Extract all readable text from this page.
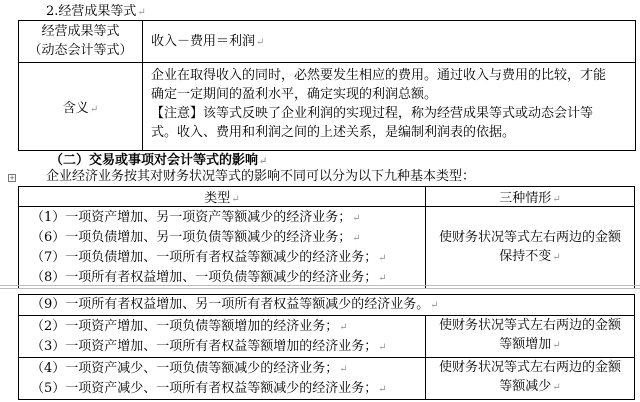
2.经营成果等式↵
经营成果等式
（动态会计等式）	收入－费用＝利润↵

含义↵	企业在取得收入的同时，必然要发生相应的费用。通过收入与费用的比较，才能
确定一定期间的盈利水平，确定实现的利润总额。
【注意】该等式反映了企业利润的实现过程，称为经营成果等式或动态会计等
式。收入、费用和利润之间的上述关系，是编制利润表的依据。
（二）交易或事项对会计等式的影响↵
+ 企业经济业务按其对财务状况等式的影响不同可以分为以下九种基本类型：
类型↵	三种情形↵

（1）一项资产增加、另一项资产等额减少的经济业务；↵
（6）一项负债增加、另一项负债等额减少的经济业务；↵
（7）一项负债增加、一项所有者权益等额减少的经济业务；↵
（8）一项所有者权益增加、一项负债等额减少的经济业务；↵	使财务状况等式左右两边的金额
保持不变↵
（9）一项所有者权益增加、另一项所有者权益等额减少的经济业务。↵	

（2）一项资产增加、一项负债等额增加的经济业务；↵
（3）一项资产增加、一项所有者权益等额增加的经济业务；↵	使财务状况等式左右两边的金额
等额增加↵

（4）一项资产减少、一项负债等额减少的经济业务；↵
（5）一项资产减少、一项所有者权益等额减少的经济业务；↵	使财务状况等式左右两边的金额
等额减少↵
